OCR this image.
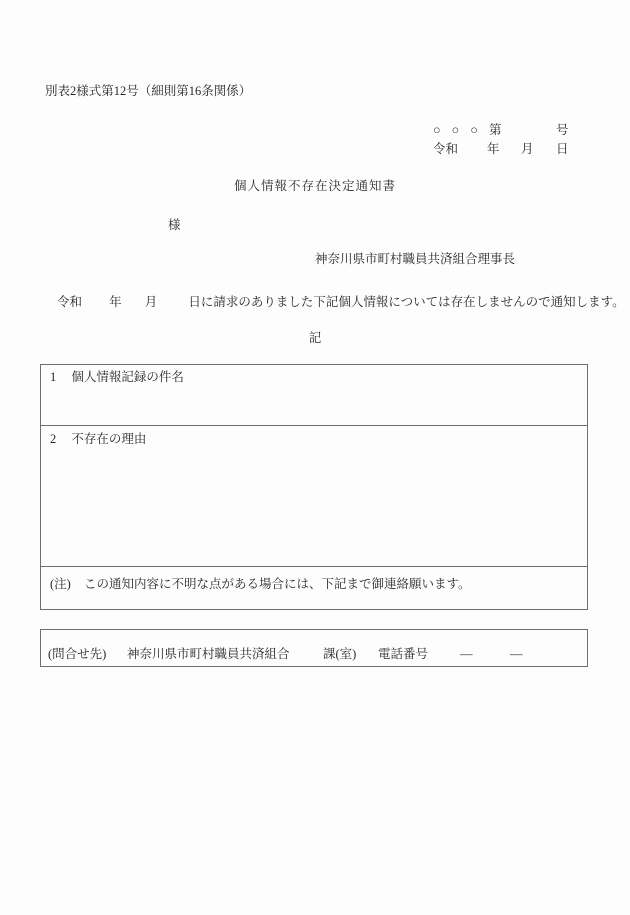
別表2様式第12号（細則第16条関係）
○ ○ ○ 第	号
令和 年 月 日
個人情報不存在決定通知書
様
神奈川県市町村職員共済組合理事長
令和 年 月 日に請求のありました下記個人情報については存在しませんので通知します。
記
1 個人情報記録の件名
2 不存在の理由
(注) この通知内容に不明な点がある場合には、下記まで御連絡願います。
(問合せ先) 神奈川県市町村職員共済組合	課(室) 電話番号	―	―
